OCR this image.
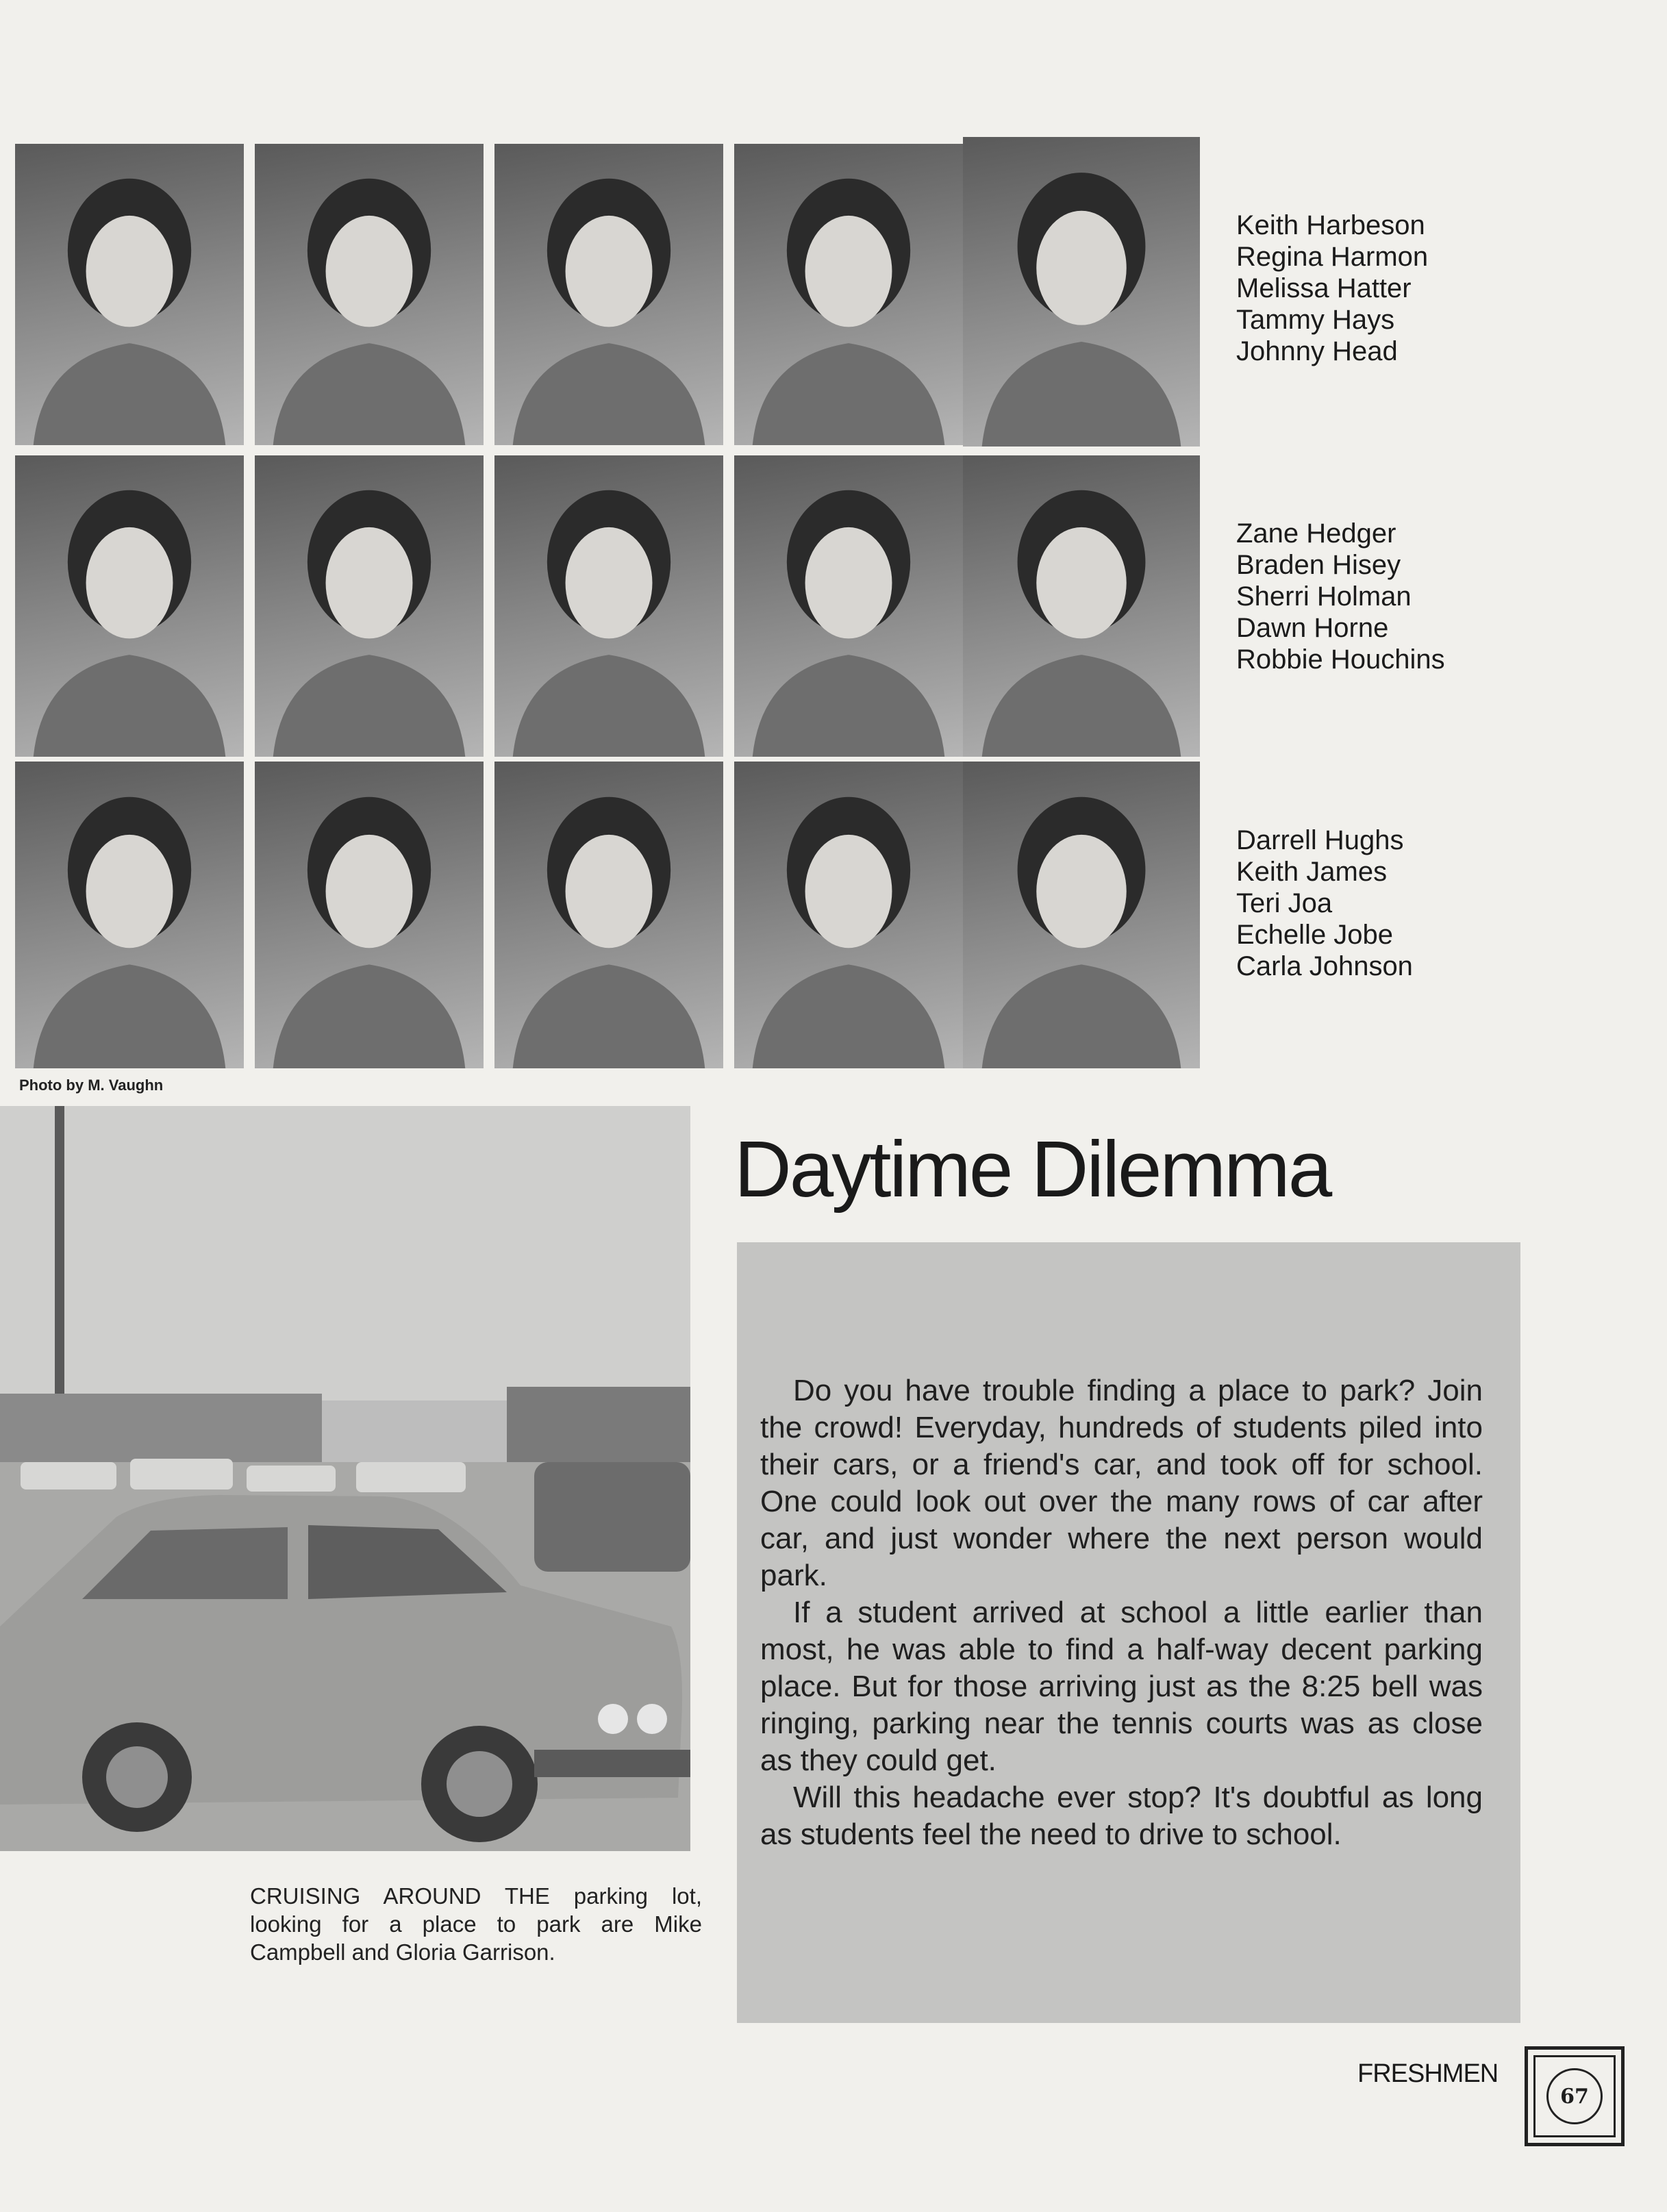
Keith Harbeson
Regina Harmon
Melissa Hatter
Tammy Hays
Johnny Head
Zane Hedger
Braden Hisey
Sherri Holman
Dawn Horne
Robbie Houchins
Darrell Hughs
Keith James
Teri Joa
Echelle Jobe
Carla Johnson
Photo by M. Vaughn
CRUISING AROUND THE parking lot, looking for a place to park are Mike Campbell and Gloria Garrison.
Daytime Dilemma

Do you have trouble finding a place to park? Join the crowd! Everyday, hundreds of students piled into their cars, or a friend's car, and took off for school. One could look out over the many rows of car after car, and just wonder where the next person would park.

If a student arrived at school a little earlier than most, he was able to find a half-way decent parking place. But for those arriving just as the 8:25 bell was ringing, parking near the tennis courts was as close as they could get.

Will this headache ever stop? It's doubtful as long as students feel the need to drive to school.

FRESHMEN
67
